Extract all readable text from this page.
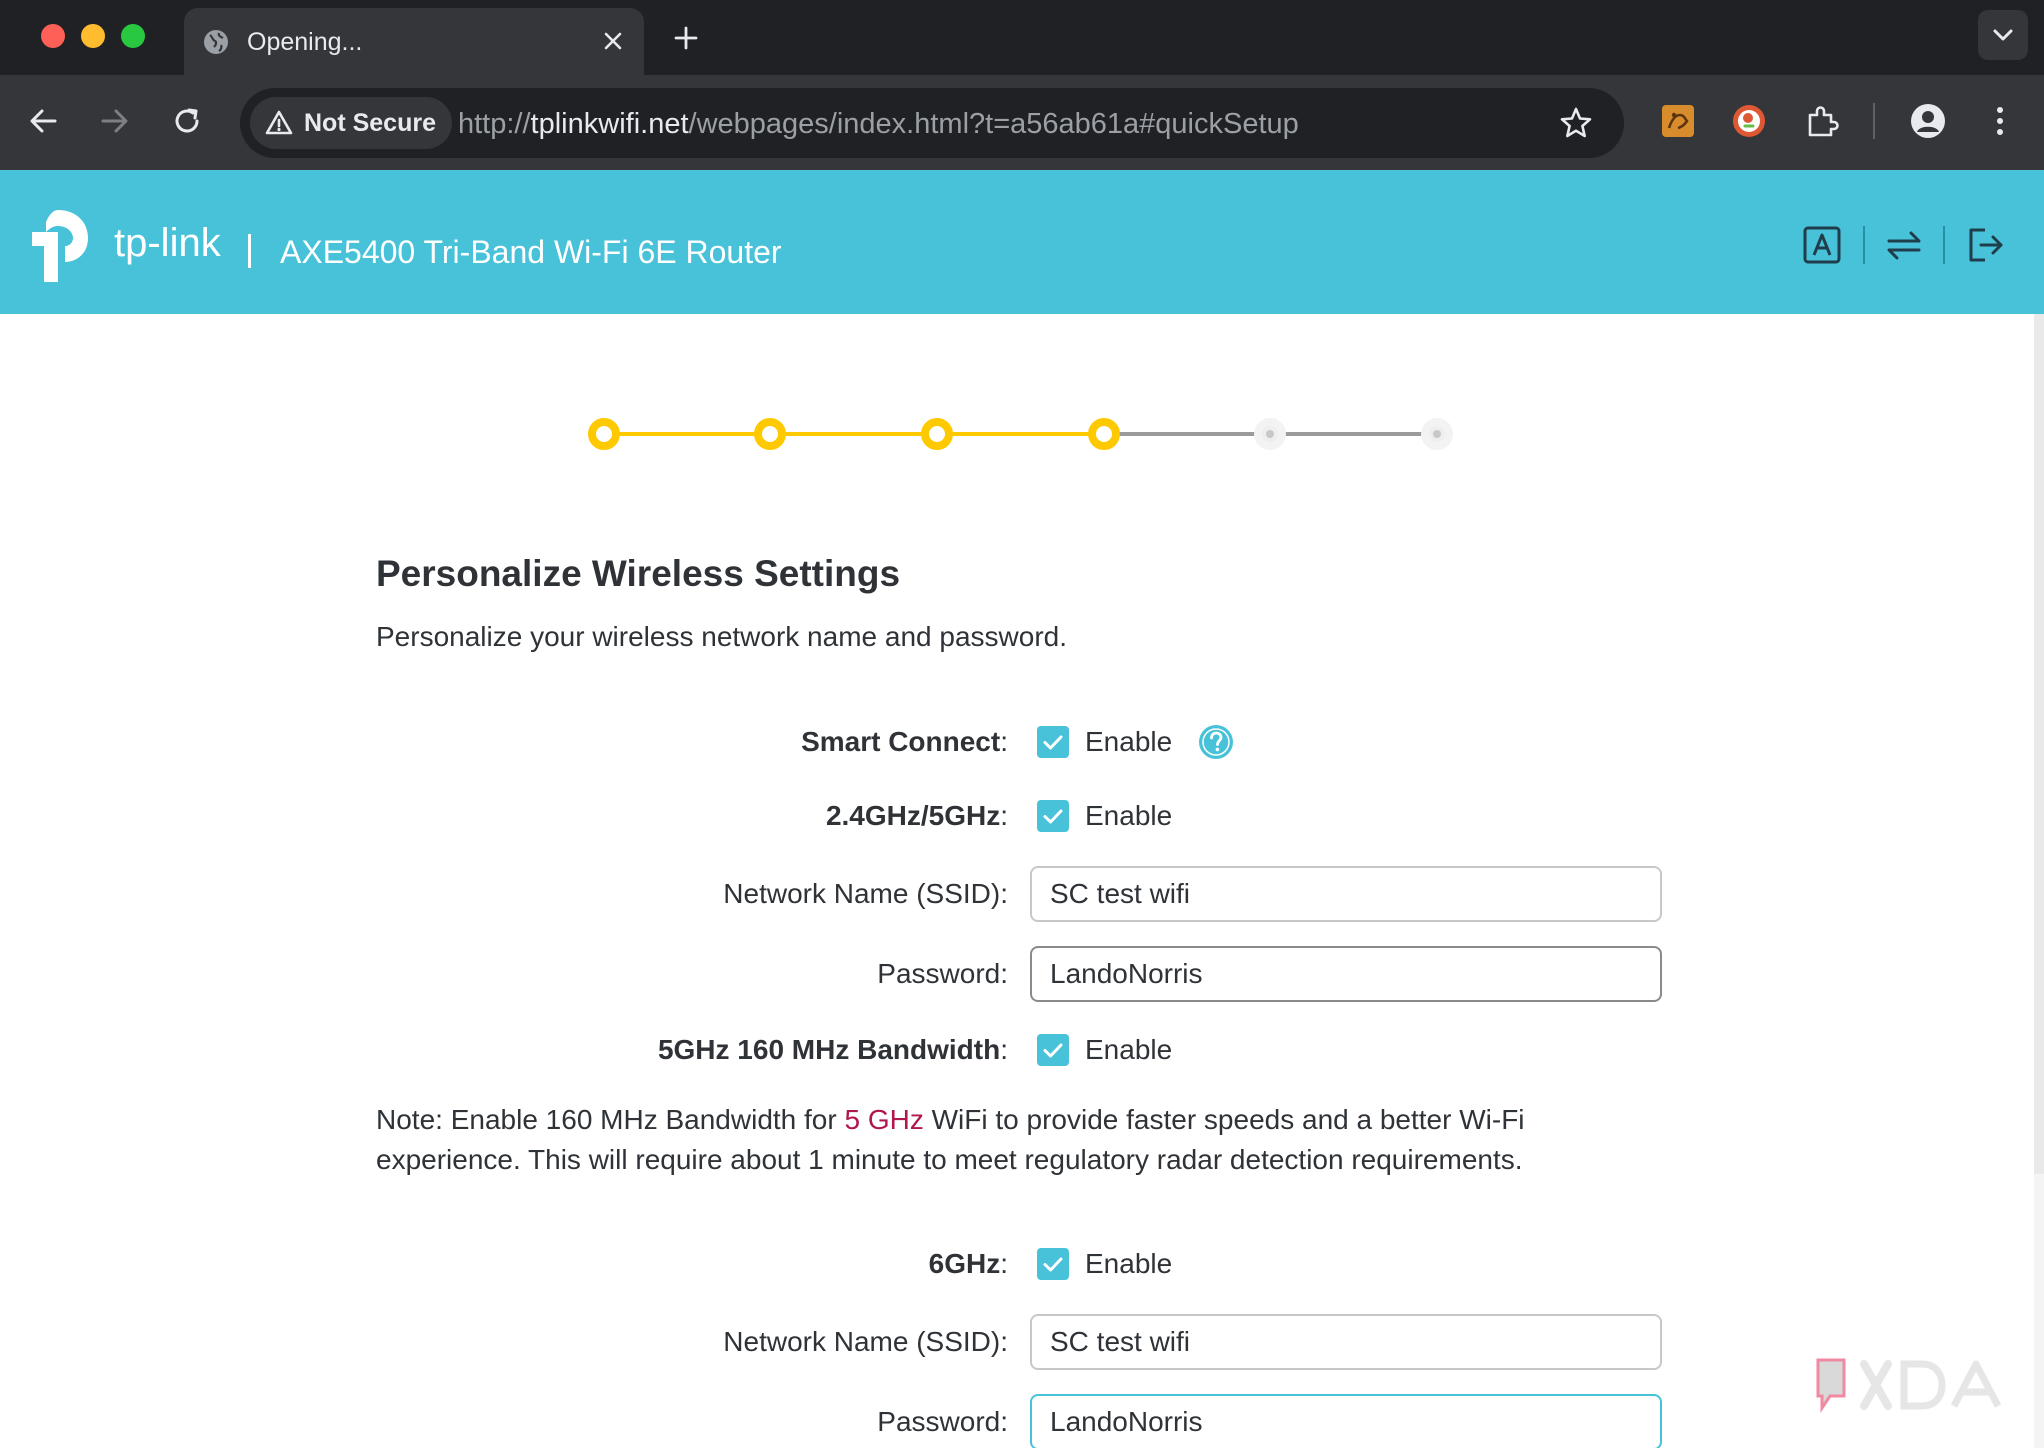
Opening...
Not Secure http://tplinkwifi.net/webpages/index.html?t=a56ab61a#quickSetup
tp-link AXE5400 Tri-Band Wi-Fi 6E Router
Personalize Wireless Settings
Personalize your wireless network name and password.
Smart Connect:	Enable
2.4GHz/5GHz:	Enable
Network Name (SSID):
SC test wifi
Password:
LandoNorris
5GHz 160 MHz Bandwidth:	Enable
Note: Enable 160 MHz Bandwidth for 5 GHz WiFi to provide faster speeds and a better Wi-Fi experience. This will require about 1 minute to meet regulatory radar detection requirements.
6GHz:	Enable
Network Name (SSID):
SC test wifi
Password:
LandoNorris
